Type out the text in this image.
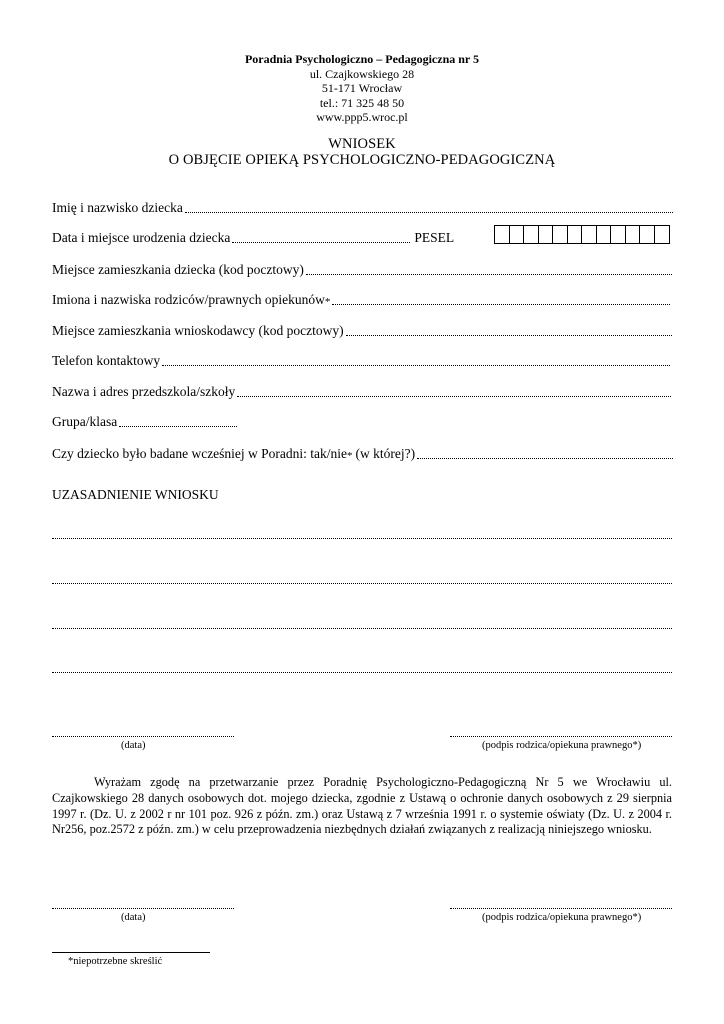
Poradnia Psychologiczno – Pedagogiczna nr 5
ul. Czajkowskiego 28
51-171 Wrocław
tel.: 71 325 48 50
www.ppp5.wroc.pl
WNIOSEK
O OBJĘCIE OPIEKĄ PSYCHOLOGICZNO-PEDAGOGICZNĄ
Imię i nazwisko dziecka
Data i miejsce urodzenia dziecka	PESEL
Miejsce zamieszkania dziecka (kod pocztowy)
Imiona i nazwiska rodziców/prawnych opiekunów *
Miejsce zamieszkania wnioskodawcy (kod pocztowy)
Telefon kontaktowy
Nazwa i adres przedszkola/szkoły
Grupa/klasa
Czy dziecko było badane wcześniej w Poradni: tak/nie * (w której?)
UZASADNIENIE WNIOSKU
(data)	(podpis rodzica/opiekuna prawnego*)

Wyrażam zgodę na przetwarzanie przez Poradnię Psychologiczno-Pedagogiczną Nr 5 we Wrocławiu ul. Czajkowskiego 28 danych osobowych dot. mojego dziecka, zgodnie z Ustawą o ochronie danych osobowych z 29 sierpnia 1997 r. (Dz. U. z 2002 r nr 101 poz. 926 z późn. zm.) oraz Ustawą z 7 września 1991 r. o systemie oświaty (Dz. U. z 2004 r. Nr256, poz.2572 z późn. zm.) w celu przeprowadzenia niezbędnych działań związanych z realizacją niniejszego wniosku.

(data)	(podpis rodzica/opiekuna prawnego*)
*niepotrzebne skreślić
